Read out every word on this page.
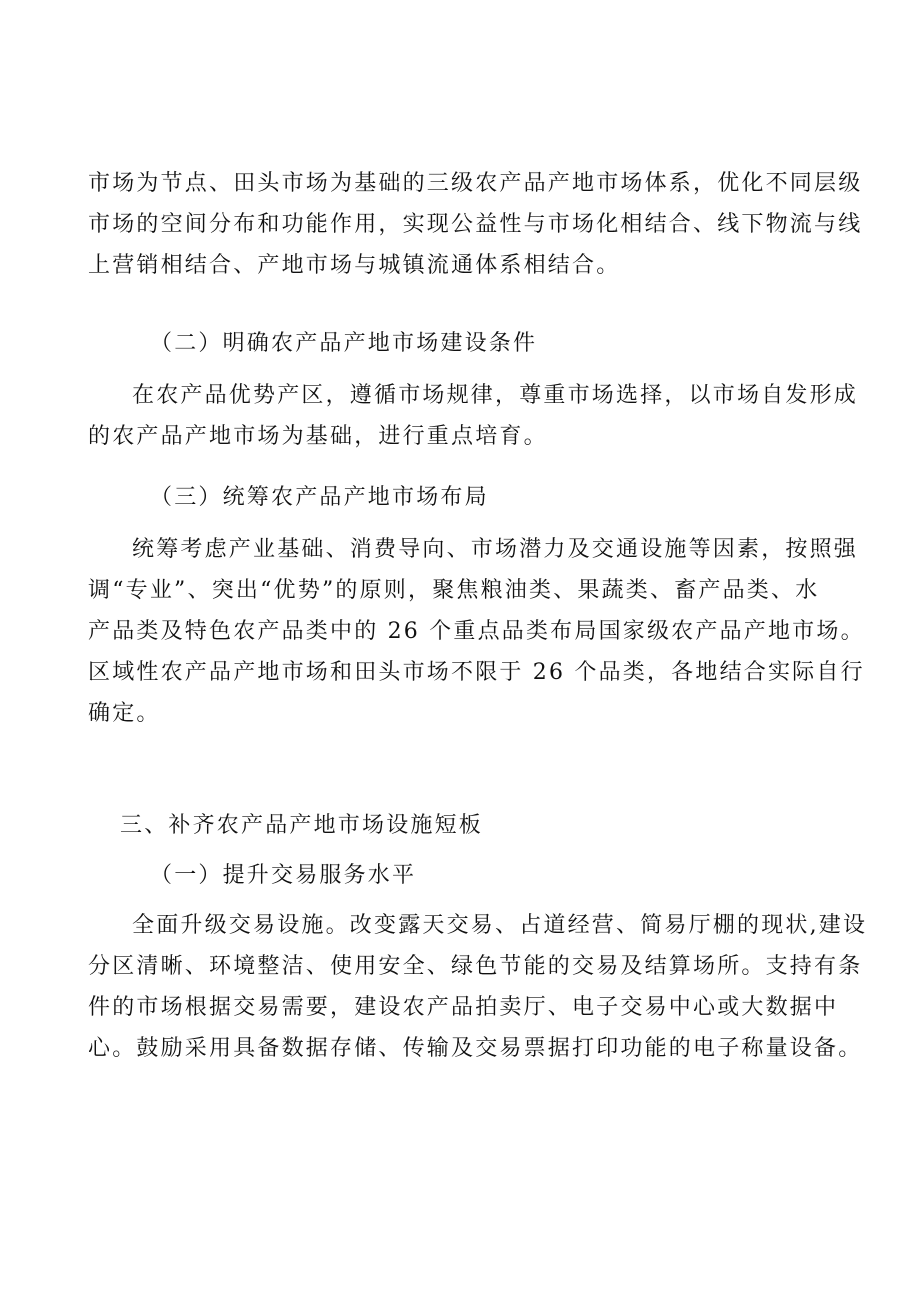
市场为节点、田头市场为基础的三级农产品产地市场体系，优化不同层级
市场的空间分布和功能作用，实现公益性与市场化相结合、线下物流与线
上营销相结合、产地市场与城镇流通体系相结合。
（二）明确农产品产地市场建设条件
在农产品优势产区，遵循市场规律，尊重市场选择，以市场自发形成
的农产品产地市场为基础，进行重点培育。
（三）统筹农产品产地市场布局
统筹考虑产业基础、消费导向、市场潜力及交通设施等因素，按照强
调“专业”、突出“优势”的原则，聚焦粮油类、果蔬类、畜产品类、水
产品类及特色农产品类中的 26 个重点品类布局国家级农产品产地市场。
区域性农产品产地市场和田头市场不限于 26 个品类，各地结合实际自行
确定。
三、补齐农产品产地市场设施短板
（一）提升交易服务水平
全面升级交易设施。改变露天交易、占道经营、简易厅棚的现状,建设
分区清晰、环境整洁、使用安全、绿色节能的交易及结算场所。支持有条
件的市场根据交易需要，建设农产品拍卖厅、电子交易中心或大数据中
心。鼓励采用具备数据存储、传输及交易票据打印功能的电子称量设备。
